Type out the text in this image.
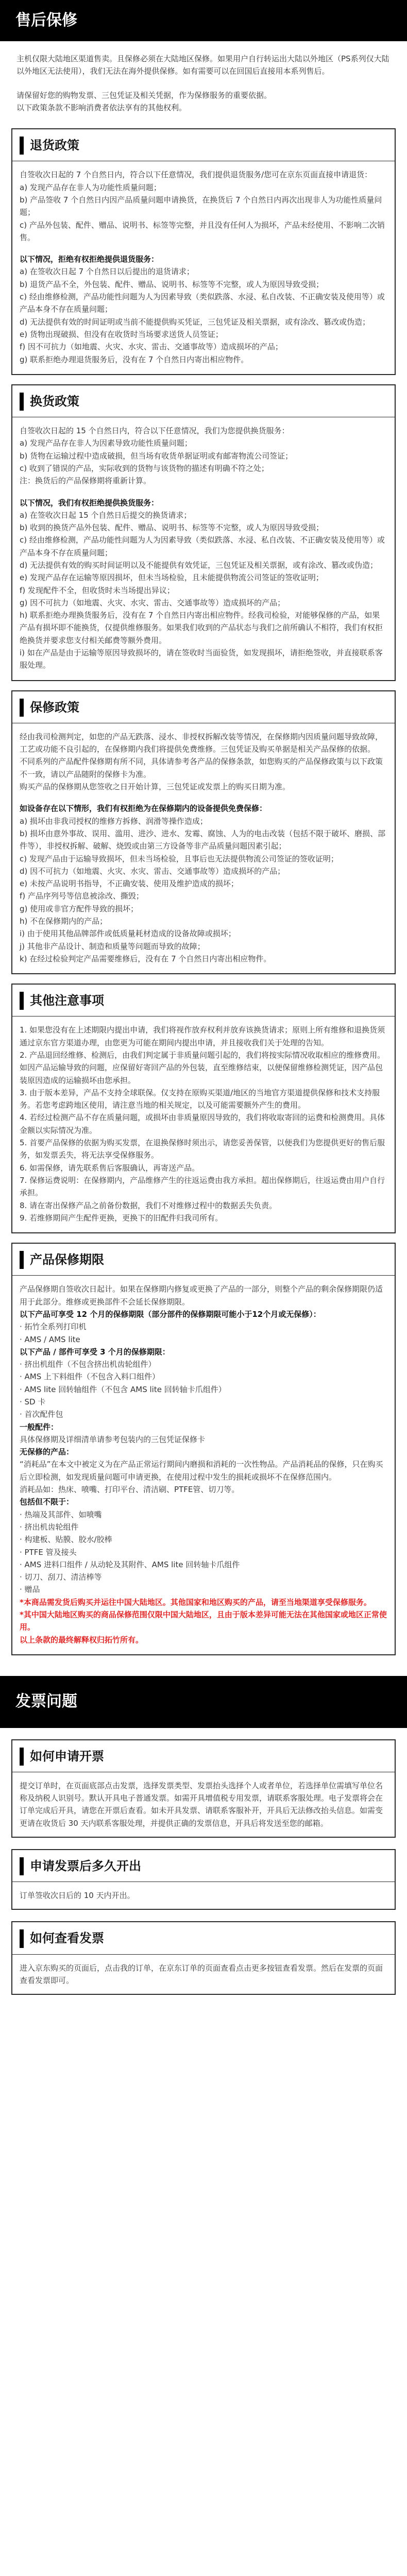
售后保修

主机仅限大陆地区渠道售卖。且保修必须在大陆地区保修。如果用户自行转运出大陆以外地区（PS系列仅大陆以外地区无法使用），我们无法在海外提供保修。如有需要可以在回国后直接用本系列售后。

请保留好您的购物发票、三包凭证及相关凭据，作为保修服务的重要依据。

以下政策条款不影响消费者依法享有的其他权利。

退货政策

自签收次日起的 7 个自然日内，符合以下任意情况，我们提供退货服务/您可在京东页面直接申请退货：

a) 发现产品存在非人为功能性质量问题；

b) 产品签收 7 个自然日内因产品质量问题申请换货，在换货后 7 个自然日内再次出现非人为功能性质量问题；

c) 产品外包装、配件、赠品、说明书、标签等完整，并且没有任何人为损坏，产品未经使用、不影响二次销售。

以下情况，拒绝有权拒绝提供退货服务：

a) 在签收次日起 7 个自然日以后提出的退货请求；

b) 退货产品不全，外包装、配件、赠品、说明书、标签等不完整，或人为原因导致受损；

c) 经由维修检测，产品功能性问题为人为因素导致（类似跌落、水浸、私自改装、不正确安装及使用等）或产品本身不存在质量问题；

d) 无法提供有效的时间证明或当前不能提供购买凭证，三包凭证及相关票据，或有涂改、篡改或伪造；

e) 货物出现破损、但没有在收货时当场要求送货人员签证；

f) 因不可抗力（如地震、火灾、水灾、雷击、交通事故等）造成损坏的产品；

g) 联系拒绝办理退货服务后，没有在 7 个自然日内寄出相应物件。

换货政策

自签收次日起的 15 个自然日内，符合以下任意情况，我们为您提供换货服务：

a) 发现产品存在非人为因素导致功能性质量问题；

b) 货物在运输过程中造成破损，但当场有收货单据证明或有邮寄物流公司签证；

c) 收到了错误的产品，实际收到的货物与该货物的描述有明确不符之处；

注：换货后的产品保修期将重新计算。

以下情况，我们有权拒绝提供换货服务：

a) 在签收次日起 15 个自然日后提交的换货请求；

b) 收到的换货产品外包装、配件、赠品、说明书、标签等不完整，或人为原因导致受损；

c) 经由维修检测，产品功能性问题为人为因素导致（类似跌落、水浸、私自改装、不正确安装及使用等）或产品本身不存在质量问题；

d) 无法提供有效的购买时间证明以及不能提供有效凭证，三包凭证及相关票据，或有涂改、篡改或伪造；

e) 发现产品存在运输等原因损坏，但未当场检验，且未能提供物流公司签证的签收证明；

f) 发现配件不全，但收货时未当场提出异议；

g) 因不可抗力（如地震、火灾、水灾、雷击、交通事故等）造成损坏的产品；

h) 联系拒绝办理换货服务后，没有在 7 个自然日内寄出相应物件。经我司检验，对能够保修的产品，如果产品有损坏即不能换货，仅提供维修服务。如果我们收到的产品状态与我们之前所确认不相符，我们有权拒绝换货并要求您支付相关邮费等额外费用。

i) 如在产品是由于运输等原因导致损坏的，请在签收时当面验货，如发现损坏，请拒绝签收，并直接联系客服处理。

保修政策

经由我司检测判定，如您的产品无跌落、浸水、非授权拆解改装等情况，在保修期内因质量问题导致故障，工艺或功能不良引起的，在保修期内我们将提供免费维修。三包凭证及购买单据是相关产品保修的依据。

不同系列的产品配件保修期有所不同，具体请参考各产品的保修条款，如您购买的产品保修政策与以下政策不一致，请以产品随附的保修卡为准。

购买产品的保修期从您签收之日开始计算，三包凭证或发票上的购买日期为准。

如设备存在以下情形，我们有权拒绝为在保修期内的设备提供免费保修：

a) 损坏由非我司授权的维修方拆修、润滑等操作造成；

b) 损坏由意外事故、误用、滥用、进沙、进水、发霉、腐蚀、人为的电击改装（包括不限于破坏、磨损、部件等），非授权拆解、破解、烧毁或由第三方设备等非产品质量问题因素引起；

c) 发现产品由于运输导致损坏，但未当场检验，且事后也无法提供物流公司签证的签收证明；

d) 因不可抗力（如地震、火灾、水灾、雷击、交通事故等）造成损坏的产品；

e) 未按产品说明书指导，不正确安装、使用及维护造成的损坏；

f) 产品序列号等信息被涂改、撕毁；

g) 使用或非官方配件导致的损坏；

h) 不在保修期内的产品；

i) 由于使用其他品牌部件或低质量耗材造成的设备故障或损坏；

j) 其他非产品设计、制造和质量等问题而导致的故障；

k) 在经过检验判定产品需要维修后，没有在 7 个自然日内寄出相应物件。

其他注意事项

1. 如果您没有在上述期限内提出申请，我们将视作放弃权利并放弃该换货请求；原则上所有维修和退换货须通过京东官方渠道办理，由您更为可能在期间内提出申请，并且接收我们关于处理的告知。

2. 产品退回经维修、检测后，由我们判定属于非质量问题引起的，我们将按实际情况收取相应的维修费用。如因产品运输导致的问题，应保留好寄回产品的外包装，直至维修结束，以便保留维修检测凭证，因产品包装原因造成的运输损坏由您承担。

3. 由于版本差异，产品不支持全球联保。仅支持在原购买渠道/地区的当地官方渠道提供保修和技术支持服务。若您考虑跨地区使用，请注意当地的相关规定，以及可能需要额外产生的费用。

4. 若经过检测产品不存在质量问题，或损坏由非质量原因导致的，我们将收取寄回的运费和检测费用。具体金额以实际情况为准。

5. 首要产品保修的依据为购买发票，在退换保修时须出示，请您妥善保管，以便我们为您提供更好的售后服务，如发票丢失，将无法享受保修服务。

6. 如需保修，请先联系售后客服确认，再寄送产品。

7. 保修运费说明：在保修期内，产品维修产生的往返运费由我方承担。超出保修期后，往返运费由用户自行承担。

8. 请在寄出保修产品之前备份数据，我们不对维修过程中的数据丢失负责。

9. 若维修期间产生配件更换，更换下的旧配件归我司所有。

产品保修期限

产品保修期自签收次日起计。如果在保修期内修复或更换了产品的一部分，则整个产品的剩余保修期限仍适用于此部分。维修或更换部件不会延长保修期限。

以下产品可享受 12 个月的保修期限（部分部件的保修期限可能小于12个月或无保修）：

· 拓竹全系列打印机

· AMS / AMS lite

以下产品 / 部件可享受 3 个月的保修期限：

· 挤出机组件（不包含挤出机齿轮组件）

· AMS 上下料组件（不包含入料口组件）

· AMS lite 回转轴组件（不包含 AMS lite 回转轴卡爪组件）

· SD 卡

· 首次配件包

一般配件：

具体保修期及详细清单请参考包装内的三包凭证保修卡

无保修的产品：

“消耗品”在本文中被定义为在产品正常运行期间内磨损和消耗的一次性物品。产品消耗品的保修，只在购买后立即检测，如发现质量问题可申请更换，在使用过程中发生的损耗或损坏不在保修范围内。

消耗品如：热床、喷嘴、打印平台、清洁刷、PTFE管、切刀等。

包括但不限于：

· 热端及其部件、如喷嘴

· 挤出机齿轮组件

· 构建板、贴膜、胶水/胶棒

· PTFE 管及接头

· AMS 进料口组件 / 从动轮及其附件、AMS lite 回转轴卡爪组件

· 切刀、刮刀、清洁棒等

· 赠品

*本商品需发货后购买并运往中国大陆地区。其他国家和地区购买的产品，请至当地渠道享受保修服务。

*其中国大陆地区购买的商品保修范围仅限中国大陆地区，且由于版本差异可能无法在其他国家或地区正常使用。

以上条款的最终解释权归拓竹所有。

发票问题
如何申请开票

提交订单时，在页面底部点击发票，选择发票类型、发票抬头选择个人或者单位，若选择单位需填写单位名称及纳税人识别号。默认开具电子普通发票。如需开具增值税专用发票，请联系客服处理。电子发票将会在订单完成后开具，请您在开票后查看。如未开具发票、请联系客服补开，开具后无法修改抬头信息。如需变更请在收货后 30 天内联系客服处理，并提供正确的发票信息，开具后将发送至您的邮箱。

申请发票后多久开出

订单签收次日后的 10 天内开出。

如何查看发票

进入京东购买的页面后，点击我的订单，在京东订单的页面查看点击更多按钮查看发票。然后在发票的页面查看发票即可。
